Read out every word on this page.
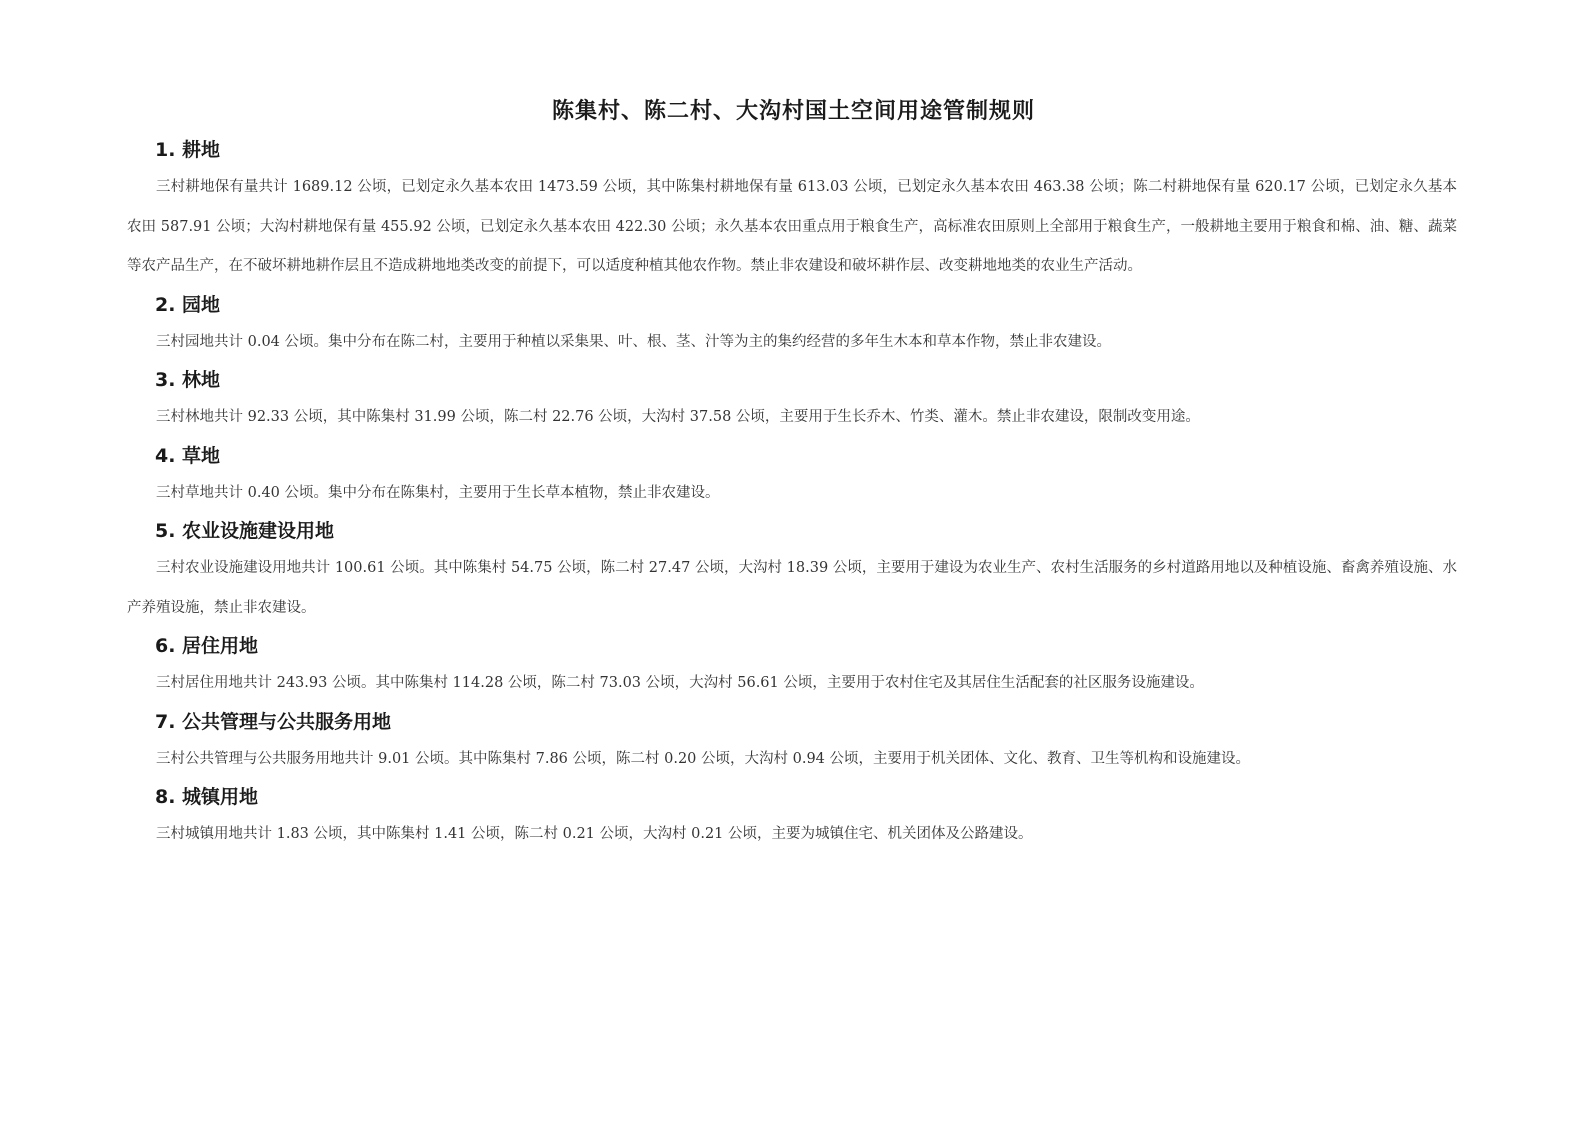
陈集村、陈二村、大沟村国土空间用途管制规则
1. 耕地

三村耕地保有量共计 1689.12 公顷，已划定永久基本农田 1473.59 公顷，其中陈集村耕地保有量 613.03 公顷，已划定永久基本农田 463.38 公顷；陈二村耕地保有量 620.17 公顷，已划定永久基本农田 587.91 公顷；大沟村耕地保有量 455.92 公顷，已划定永久基本农田 422.30 公顷；永久基本农田重点用于粮食生产，高标准农田原则上全部用于粮食生产，一般耕地主要用于粮食和棉、油、糖、蔬菜等农产品生产，在不破坏耕地耕作层且不造成耕地地类改变的前提下，可以适度种植其他农作物。禁止非农建设和破坏耕作层、改变耕地地类的农业生产活动。

2. 园地

三村园地共计 0.04 公顷。集中分布在陈二村，主要用于种植以采集果、叶、根、茎、汁等为主的集约经营的多年生木本和草本作物，禁止非农建设。

3. 林地

三村林地共计 92.33 公顷，其中陈集村 31.99 公顷，陈二村 22.76 公顷，大沟村 37.58 公顷，主要用于生长乔木、竹类、灌木。禁止非农建设，限制改变用途。

4. 草地

三村草地共计 0.40 公顷。集中分布在陈集村，主要用于生长草本植物，禁止非农建设。

5. 农业设施建设用地

三村农业设施建设用地共计 100.61 公顷。其中陈集村 54.75 公顷，陈二村 27.47 公顷，大沟村 18.39 公顷，主要用于建设为农业生产、农村生活服务的乡村道路用地以及种植设施、畜禽养殖设施、水产养殖设施，禁止非农建设。

6. 居住用地

三村居住用地共计 243.93 公顷。其中陈集村 114.28 公顷，陈二村 73.03 公顷，大沟村 56.61 公顷，主要用于农村住宅及其居住生活配套的社区服务设施建设。

7. 公共管理与公共服务用地

三村公共管理与公共服务用地共计 9.01 公顷。其中陈集村 7.86 公顷，陈二村 0.20 公顷，大沟村 0.94 公顷，主要用于机关团体、文化、教育、卫生等机构和设施建设。

8. 城镇用地

三村城镇用地共计 1.83 公顷，其中陈集村 1.41 公顷，陈二村 0.21 公顷，大沟村 0.21 公顷，主要为城镇住宅、机关团体及公路建设。
